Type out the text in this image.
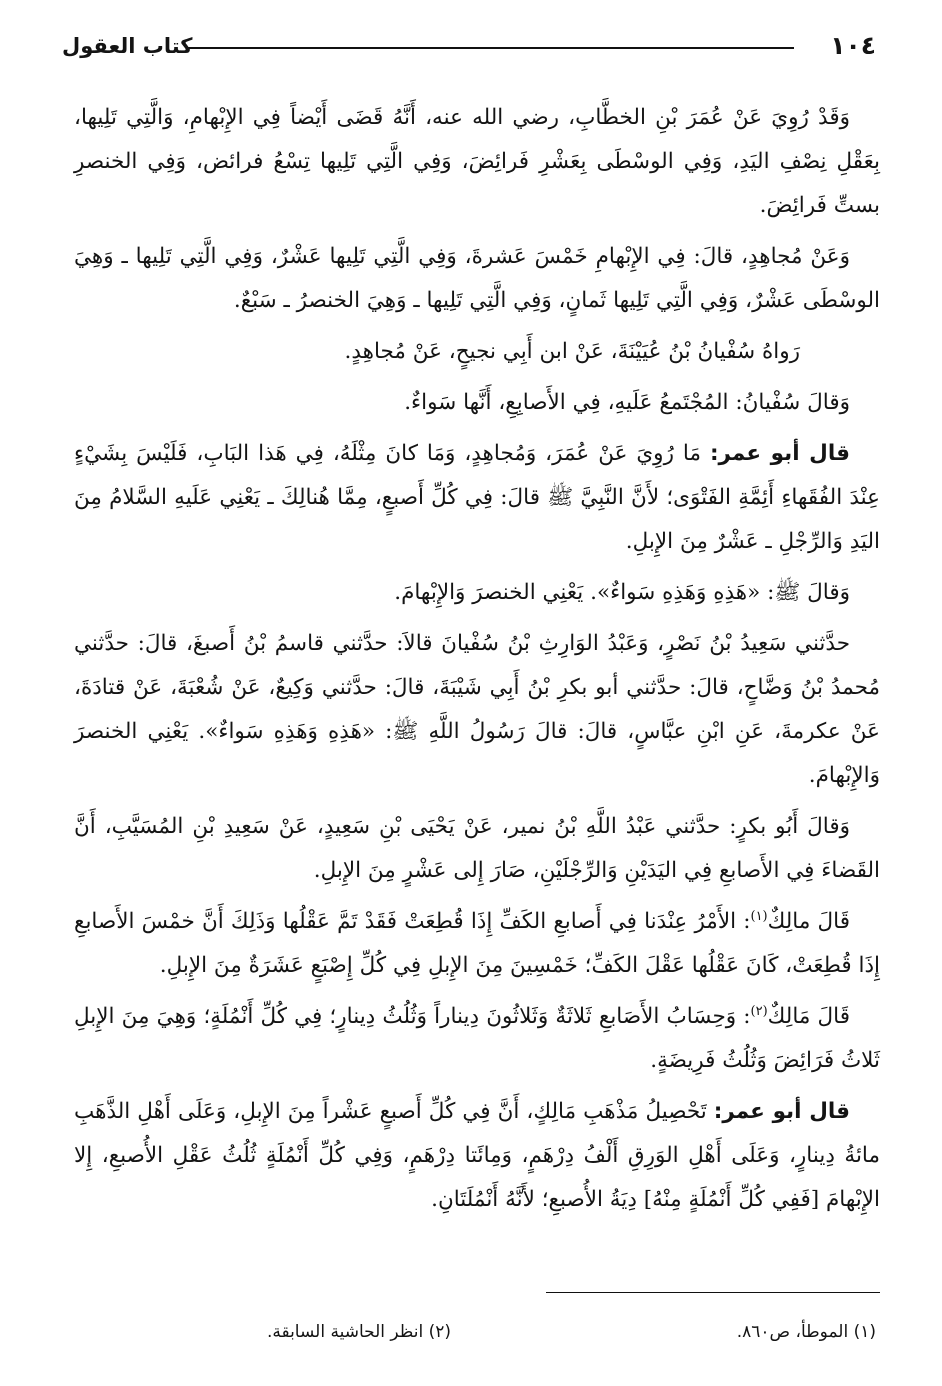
١٠٤
كتاب العقول

وَقَدْ رُوِيَ عَنْ عُمَرَ بْنِ الخطَّابِ، رضي الله عنه، أَنَّهُ قَضَى أَيْضاً فِي الإِبْهامِ، وَالَّتِي تَلِيها، بِعَقْلِ نِصْفِ اليَدِ، وَفِي الوسْطَى بِعَشْرِ فَرائِضَ، وَفِي الَّتِي تَلِيها تِسْعُ فرائض، وَفِي الخنصرِ بستِّ فَرائِضَ.

وَعَنْ مُجاهِدٍ، قالَ: فِي الإِبْهامِ خَمْسَ عَشرةَ، وَفِي الَّتِي تَلِيها عَشْرٌ، وَفِي الَّتِي تَلِيها ـ وَهِيَ الوسْطَى عَشْرٌ، وَفِي الَّتِي تَلِيها ثَمانٍ، وَفِي الَّتِي تَلِيها ـ وَهِيَ الخنصرُ ـ سَبْعٌ.

رَواهُ سُفْيانُ بْنُ عُيَيْنَةَ، عَنْ ابن أَبِي نجيحٍ، عَنْ مُجاهِدٍ.

وَقالَ سُفْيانُ: المُجْتَمعُ عَلَيهِ، فِي الأَصابِعِ، أَنَّها سَواءٌ.

قال أبو عمر: مَا رُوِيَ عَنْ عُمَرَ، وَمُجاهِدٍ، وَمَا كانَ مِثْلَهُ، فِي هَذا البَابِ، فَلَيْسَ بِشَيْءٍ عِنْدَ الفُقَهاءِ أَئِمَّةِ الفَتْوَى؛ لأَنَّ النَّبِيَّ ﷺ قالَ: فِي كُلِّ أَصبعٍ، مِمَّا هُنالِكَ ـ يَعْنِي عَلَيهِ السَّلامُ مِنَ اليَدِ وَالرِّجْلِ ـ عَشْرٌ مِنَ الإِبلِ.

وَقالَ ﷺ: «هَذِهِ وَهَذِهِ سَواءٌ». يَعْنِي الخنصرَ وَالإِبْهامَ.

حدَّثني سَعِيدُ بْنُ نَصْرٍ، وَعَبْدُ الوَارِثِ بْنُ سُفْيانَ قالاَ: حدَّثني قاسمُ بْنُ أَصبغَ، قالَ: حدَّثني مُحمدُ بْنُ وَضَّاحٍ، قالَ: حدَّثني أبو بكرِ بْنُ أَبِي شَيْبَةَ، قالَ: حدَّثني وَكِيعٌ، عَنْ شُعْبَةَ، عَنْ قتادَةَ، عَنْ عكرمةَ، عَنِ ابْنِ عبَّاسٍ، قالَ: قالَ رَسُولُ اللَّهِ ﷺ: «هَذِهِ وَهَذِهِ سَواءٌ». يَعْنِي الخنصرَ وَالإِبْهامَ.

وَقالَ أَبُو بكرٍ: حدَّثني عَبْدُ اللَّهِ بْنُ نمير، عَنْ يَحْيَى بْنِ سَعِيدٍ، عَنْ سَعِيدِ بْنِ المُسَيَّبِ، أَنَّ القَضاءَ فِي الأَصابعِ فِي اليَدَيْنِ وَالرِّجْلَيْنِ، صَارَ إِلى عَشْرٍ مِنَ الإِبلِ.

قَالَ مالِكٌ$^{(١)}$: الأَمْرُ عِنْدَنا فِي أَصابعِ الكَفِّ إِذَا قُطِعَتْ فَقَدْ تَمَّ عَقْلُها وَذَلِكَ أَنَّ خمْسَ الأَصابعِ إِذَا قُطِعَتْ، كَانَ عَقْلُها عَقْلَ الكَفِّ؛ خَمْسِينَ مِنَ الإِبلِ فِي كُلِّ إِصْبَعٍ عَشَرَةٌ مِنَ الإِبلِ.

قَالَ مَالِكٌ$^{(٢)}$: وَحِسَابُ الأَصَابعِ ثَلاثَةٌ وَثَلاثُونَ دِيناراً وَثُلُثُ دِينارٍ؛ فِي كُلِّ أَنْمُلَةٍ؛ وَهِيَ مِنَ الإِبلِ ثَلاثُ فَرَائِضَ وَثُلُثُ فَرِيضَةٍ.

قال أبو عمر: تَحْصِيلُ مَذْهَبِ مَالِكٍ، أَنَّ فِي كُلِّ أَصبعٍ عَشْراً مِنَ الإِبلِ، وَعَلَى أَهْلِ الذَّهَبِ مائةُ دِينارٍ، وَعَلَى أَهْلِ الوَرِقِ أَلْفُ دِرْهَمٍ، وَمِائَتا دِرْهَمٍ، وَفِي كُلِّ أَنْمُلَةٍ ثُلُثُ عَقْلِ الأُصبعِ، إِلا الإِبْهامَ [فَفِي كُلِّ أَنْمُلَةٍ مِنْهُ] دِيَةُ الأُصبعِ؛ لأَنَّهُ أَنْمُلَتَانِ.

(١) الموطأ، ص٨٦٠.
(٢) انظر الحاشية السابقة.
